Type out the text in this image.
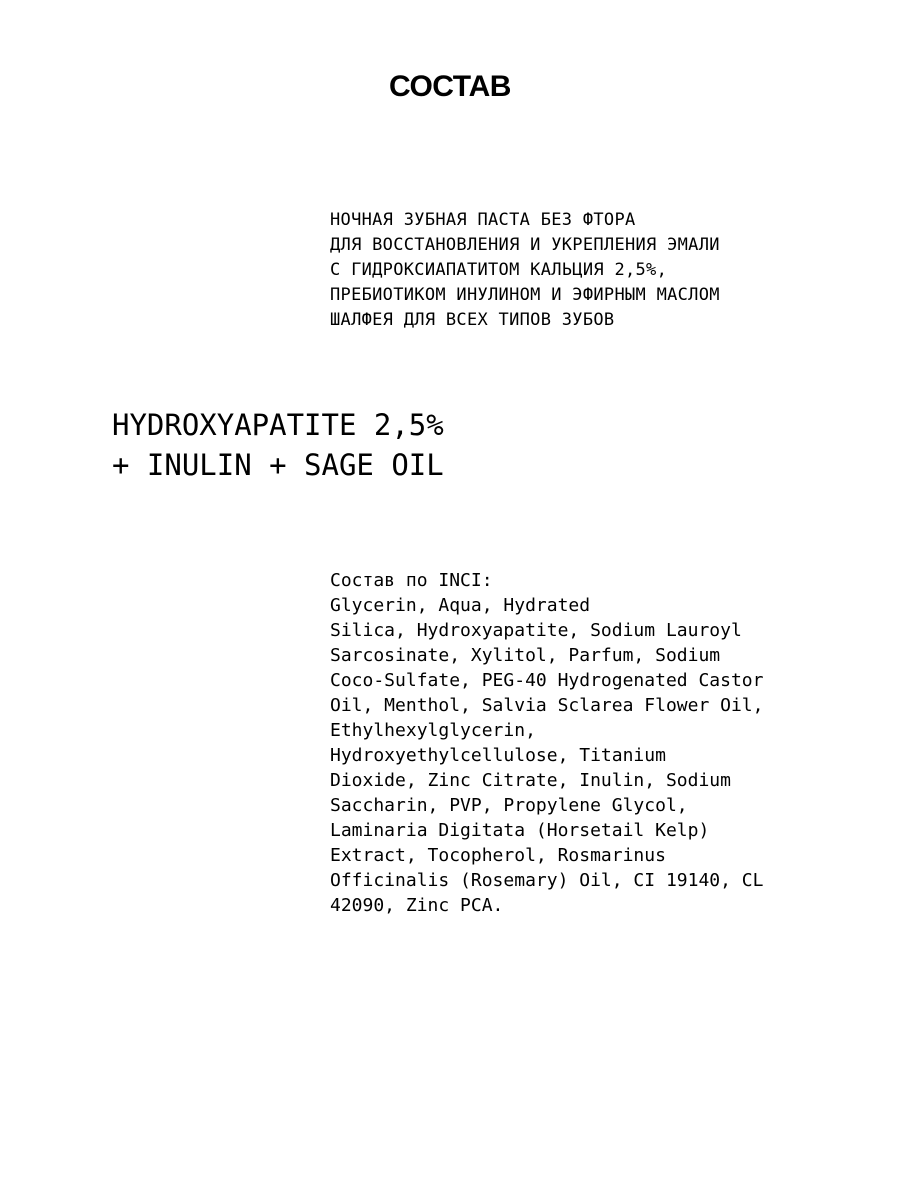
СОСТАВ
НОЧНАЯ ЗУБНАЯ ПАСТА БЕЗ ФТОРА
ДЛЯ ВОССТАНОВЛЕНИЯ И УКРЕПЛЕНИЯ ЭМАЛИ
С ГИДРОКСИАПАТИТОМ КАЛЬЦИЯ 2,5%,
ПРЕБИОТИКОМ ИНУЛИНОМ И ЭФИРНЫМ МАСЛОМ
ШАЛФЕЯ ДЛЯ ВСЕХ ТИПОВ ЗУБОВ
HYDROXYAPATITE 2,5%
+ INULIN + SAGE OIL
Состав по INCI:
Glycerin, Aqua, Hydrated
Silica, Hydroxyapatite, Sodium Lauroyl
Sarcosinate, Xylitol, Parfum, Sodium
Coco-Sulfate, PEG-40 Hydrogenated Castor
Oil, Menthol, Salvia Sclarea Flower Oil,
Ethylhexylglycerin,
Hydroxyethylcellulose, Titanium
Dioxide, Zinc Citrate, Inulin, Sodium
Saccharin, PVP, Propylene Glycol,
Laminaria Digitata (Horsetail Kelp)
Extract, Tocopherol, Rosmarinus
Officinalis (Rosemary) Oil, CI 19140, CL
42090, Zinc PCA.
